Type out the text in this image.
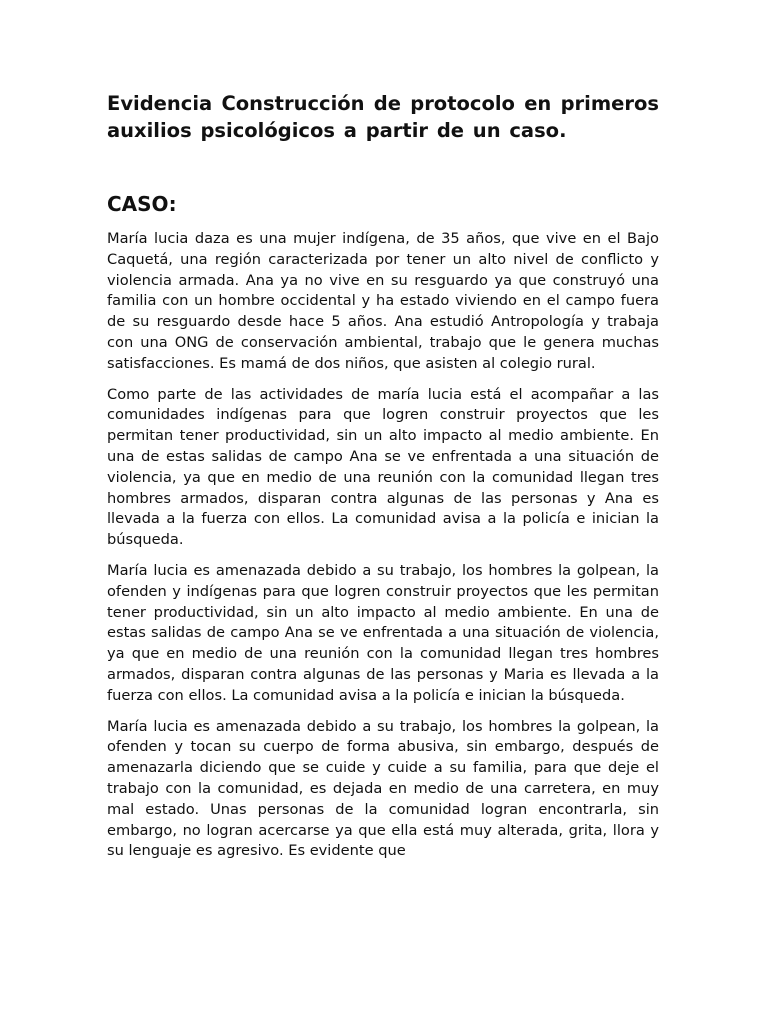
Evidencia Construcción de protocolo en primeros auxilios psicológicos a partir de un caso.
CASO:

María lucia daza es una mujer indígena, de 35 años, que vive en el Bajo Caquetá, una región caracterizada por tener un alto nivel de conflicto y violencia armada. Ana ya no vive en su resguardo ya que construyó una familia con un hombre occidental y ha estado viviendo en el campo fuera de su resguardo desde hace 5 años. Ana estudió Antropología y trabaja con una ONG de conservación ambiental, trabajo que le genera muchas satisfacciones. Es mamá de dos niños, que asisten al colegio rural.

Como parte de las actividades de maría lucia está el acompañar a las comunidades indígenas para que logren construir proyectos que les permitan tener productividad, sin un alto impacto al medio ambiente. En una de estas salidas de campo Ana se ve enfrentada a una situación de violencia, ya que en medio de una reunión con la comunidad llegan tres hombres armados, disparan contra algunas de las personas y Ana es llevada a la fuerza con ellos. La comunidad avisa a la policía e inician la búsqueda.

María lucia es amenazada debido a su trabajo, los hombres la golpean, la ofenden y indígenas para que logren construir proyectos que les permitan tener productividad, sin un alto impacto al medio ambiente. En una de estas salidas de campo Ana se ve enfrentada a una situación de violencia, ya que en medio de una reunión con la comunidad llegan tres hombres armados, disparan contra algunas de las personas y Maria es llevada a la fuerza con ellos. La comunidad avisa a la policía e inician la búsqueda.

María lucia es amenazada debido a su trabajo, los hombres la golpean, la ofenden y tocan su cuerpo de forma abusiva, sin embargo, después de amenazarla diciendo que se cuide y cuide a su familia, para que deje el trabajo con la comunidad, es dejada en medio de una carretera, en muy mal estado. Unas personas de la comunidad logran encontrarla, sin embargo, no logran acercarse ya que ella está muy alterada, grita, llora y su lenguaje es agresivo. Es evidente que
